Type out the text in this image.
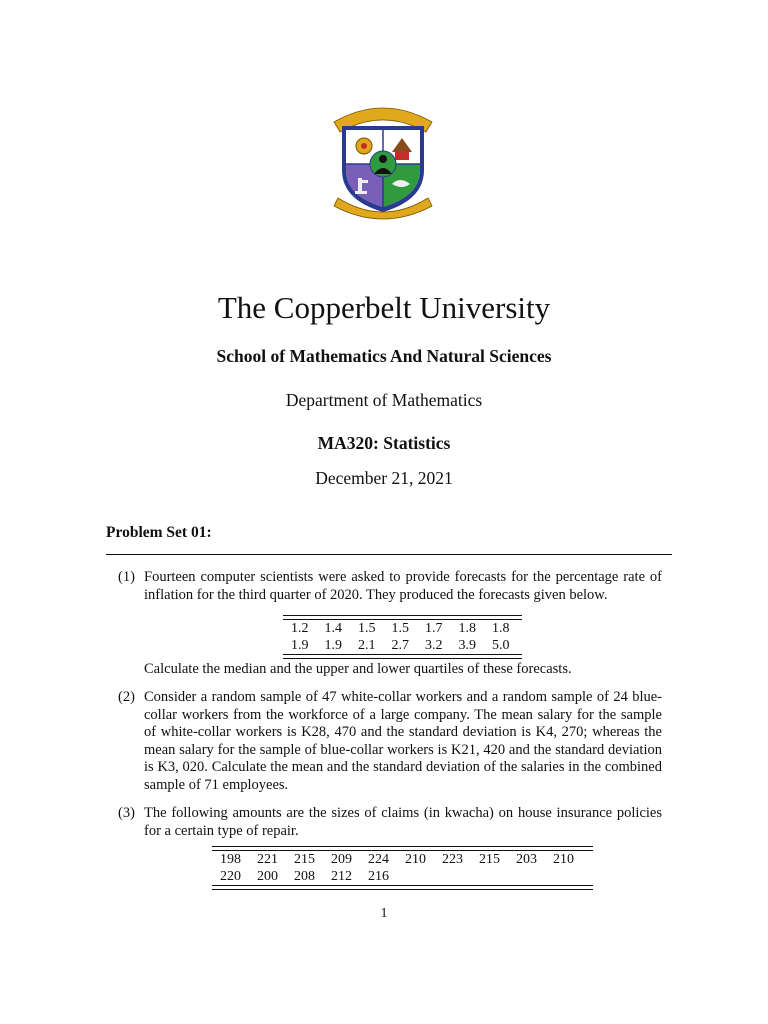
The Copperbelt University
School of Mathematics And Natural Sciences
Department of Mathematics
MA320: Statistics
December 21, 2021
Problem Set 01:
(1) Fourteen computer scientists were asked to provide forecasts for the percentage rate of inflation for the third quarter of 2020. They produced the forecasts given below.

1.2	1.4	1.5	1.5	1.7	1.8	1.8
1.9	1.9	2.1	2.7	3.2	3.9	5.0

Calculate the median and the upper and lower quartiles of these forecasts.

(2) Consider a random sample of 47 white-collar workers and a random sample of 24 blue-collar workers from the workforce of a large company. The mean salary for the sample of white-collar workers is K28, 470 and the standard deviation is K4, 270; whereas the mean salary for the sample of blue-collar workers is K21, 420 and the standard deviation is K3, 020. Calculate the mean and the standard deviation of the salaries in the combined sample of 71 employees.

(3) The following amounts are the sizes of claims (in kwacha) on house insurance policies for a certain type of repair.

198	221	215	209	224	210	223	215	203	210
220	200	208	212	216					
1
